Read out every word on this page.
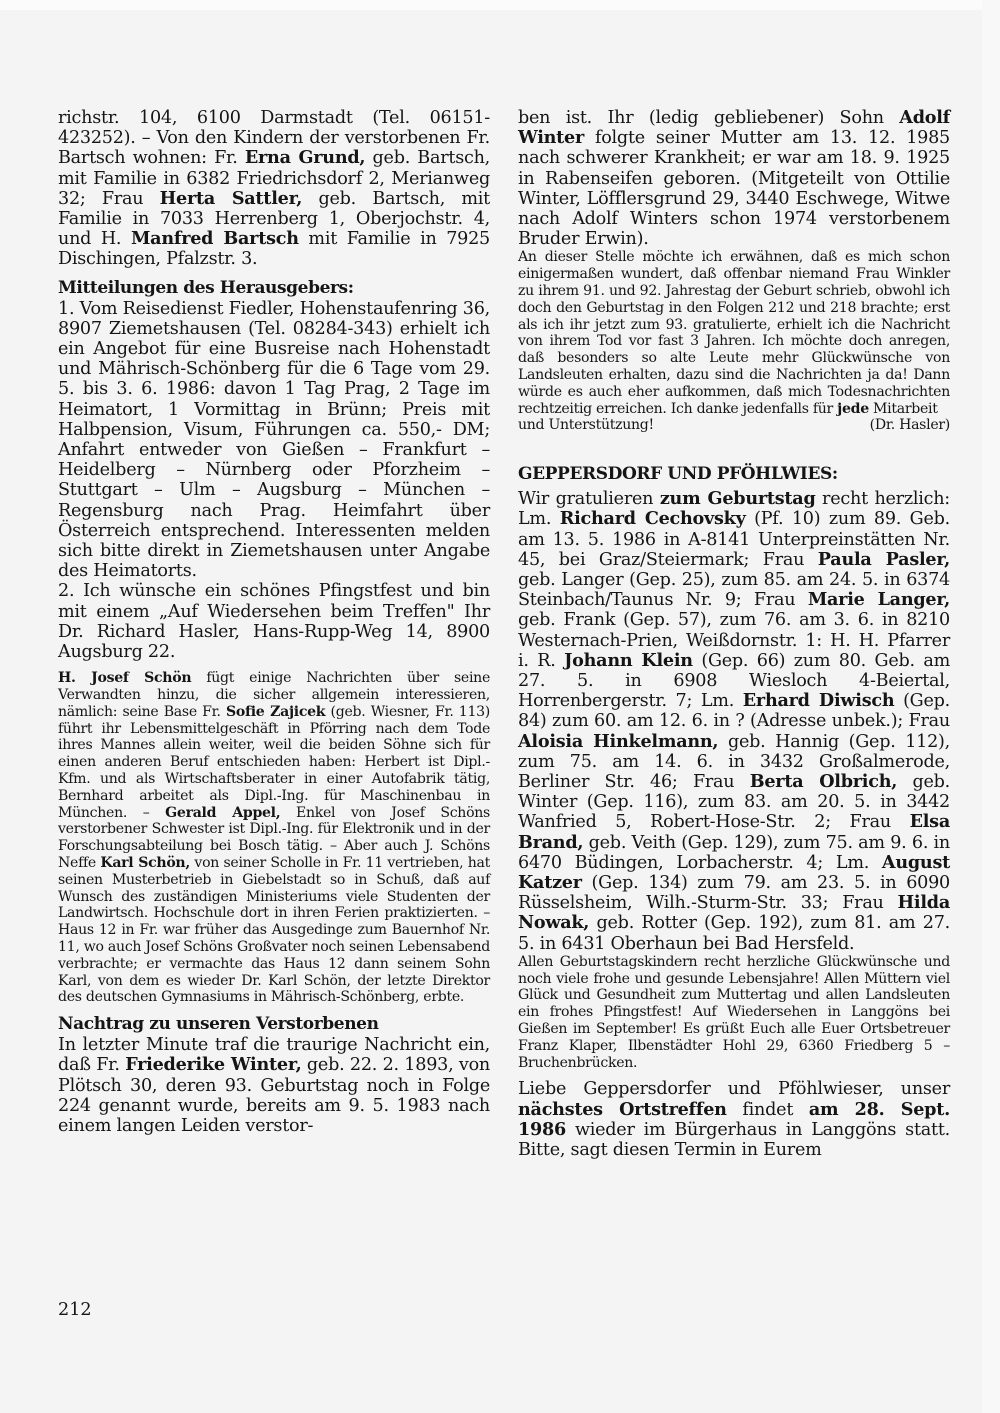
richstr. 104, 6100 Darmstadt (Tel. 06151-423252). – Von den Kindern der verstorbenen Fr. Bartsch wohnen: Fr. Erna Grund, geb. Bartsch, mit Familie in 6382 Friedrichsdorf 2, Merianweg 32; Frau Herta Sattler, geb. Bartsch, mit Familie in 7033 Herrenberg 1, Oberjochstr. 4, und H. Manfred Bartsch mit Familie in 7925 Dischingen, Pfalzstr. 3.

Mitteilungen des Herausgebers:

1. Vom Reisedienst Fiedler, Hohenstaufenring 36, 8907 Ziemetshausen (Tel. 08284-343) erhielt ich ein Angebot für eine Busreise nach Hohenstadt und Mährisch-Schönberg für die 6 Tage vom 29. 5. bis 3. 6. 1986: davon 1 Tag Prag, 2 Tage im Heimatort, 1 Vormittag in Brünn; Preis mit Halbpension, Visum, Führungen ca. 550,- DM; Anfahrt entweder von Gießen – Frankfurt – Heidelberg – Nürnberg oder Pforzheim – Stuttgart – Ulm – Augsburg – München – Regensburg nach Prag. Heimfahrt über Österreich entsprechend. Interessenten melden sich bitte direkt in Ziemetshausen unter Angabe des Heimatorts.

2. Ich wünsche ein schönes Pfingstfest und bin mit einem „Auf Wiedersehen beim Treffen" Ihr Dr. Richard Hasler, Hans-Rupp-Weg 14, 8900 Augsburg 22.

H. Josef Schön fügt einige Nachrichten über seine Verwandten hinzu, die sicher allgemein interessieren, nämlich: seine Base Fr. Sofie Zajicek (geb. Wiesner, Fr. 113) führt ihr Lebensmittelgeschäft in Pförring nach dem Tode ihres Mannes allein weiter, weil die beiden Söhne sich für einen anderen Beruf entschieden haben: Herbert ist Dipl.-Kfm. und als Wirtschaftsberater in einer Autofabrik tätig, Bernhard arbeitet als Dipl.-Ing. für Maschinenbau in München. – Gerald Appel, Enkel von Josef Schöns verstorbener Schwester ist Dipl.-Ing. für Elektronik und in der Forschungsabteilung bei Bosch tätig. – Aber auch J. Schöns Neffe Karl Schön, von seiner Scholle in Fr. 11 vertrieben, hat seinen Musterbetrieb in Giebelstadt so in Schuß, daß auf Wunsch des zuständigen Ministeriums viele Studenten der Landwirtsch. Hochschule dort in ihren Ferien praktizierten. – Haus 12 in Fr. war früher das Ausgedinge zum Bauernhof Nr. 11, wo auch Josef Schöns Großvater noch seinen Lebensabend verbrachte; er vermachte das Haus 12 dann seinem Sohn Karl, von dem es wieder Dr. Karl Schön, der letzte Direktor des deutschen Gymnasiums in Mährisch-Schönberg, erbte.

Nachtrag zu unseren Verstorbenen

In letzter Minute traf die traurige Nachricht ein, daß Fr. Friederike Winter, geb. 22. 2. 1893, von Plötsch 30, deren 93. Geburtstag noch in Folge 224 genannt wurde, bereits am 9. 5. 1983 nach einem langen Leiden verstor-

ben ist. Ihr (ledig gebliebener) Sohn Adolf Winter folgte seiner Mutter am 13. 12. 1985 nach schwerer Krankheit; er war am 18. 9. 1925 in Rabenseifen geboren. (Mitgeteilt von Ottilie Winter, Löfflersgrund 29, 3440 Eschwege, Witwe nach Adolf Winters schon 1974 verstorbenem Bruder Erwin).

An dieser Stelle möchte ich erwähnen, daß es mich schon einigermaßen wundert, daß offenbar niemand Frau Winkler zu ihrem 91. und 92. Jahrestag der Geburt schrieb, obwohl ich doch den Geburtstag in den Folgen 212 und 218 brachte; erst als ich ihr jetzt zum 93. gratulierte, erhielt ich die Nachricht von ihrem Tod vor fast 3 Jahren. Ich möchte doch anregen, daß besonders so alte Leute mehr Glückwünsche von Landsleuten erhalten, dazu sind die Nachrichten ja da! Dann würde es auch eher aufkommen, daß mich Todesnachrichten rechtzeitig erreichen. Ich danke jedenfalls für jede Mitarbeit

und Unterstützung!	(Dr. Hasler)
GEPPERSDORF UND PFÖHLWIES:

Wir gratulieren zum Geburtstag recht herzlich: Lm. Richard Cechovsky (Pf. 10) zum 89. Geb. am 13. 5. 1986 in A-8141 Unterpreinstätten Nr. 45, bei Graz/Steiermark; Frau Paula Pasler, geb. Langer (Gep. 25), zum 85. am 24. 5. in 6374 Steinbach/Taunus Nr. 9; Frau Marie Langer, geb. Frank (Gep. 57), zum 76. am 3. 6. in 8210 Westernach-Prien, Weißdornstr. 1: H. H. Pfarrer i. R. Johann Klein (Gep. 66) zum 80. Geb. am 27. 5. in 6908 Wiesloch 4-Beiertal, Horrenbergerstr. 7; Lm. Erhard Diwisch (Gep. 84) zum 60. am 12. 6. in ? (Adresse unbek.); Frau Aloisia Hinkelmann, geb. Hannig (Gep. 112), zum 75. am 14. 6. in 3432 Großalmerode, Berliner Str. 46; Frau Berta Olbrich, geb. Winter (Gep. 116), zum 83. am 20. 5. in 3442 Wanfried 5, Robert-Hose-Str. 2; Frau Elsa Brand, geb. Veith (Gep. 129), zum 75. am 9. 6. in 6470 Büdingen, Lorbacherstr. 4; Lm. August Katzer (Gep. 134) zum 79. am 23. 5. in 6090 Rüsselsheim, Wilh.-Sturm-Str. 33; Frau Hilda Nowak, geb. Rotter (Gep. 192), zum 81. am 27. 5. in 6431 Oberhaun bei Bad Hersfeld.

Allen Geburtstagskindern recht herzliche Glückwünsche und noch viele frohe und gesunde Lebensjahre! Allen Müttern viel Glück und Gesundheit zum Muttertag und allen Landsleuten ein frohes Pfingstfest! Auf Wiedersehen in Langgöns bei Gießen im September! Es grüßt Euch alle Euer Ortsbetreuer Franz Klaper, Ilbenstädter Hohl 29, 6360 Friedberg 5 – Bruchenbrücken.

Liebe Geppersdorfer und Pföhlwieser, unser nächstes Ortstreffen findet am 28. Sept. 1986 wieder im Bürgerhaus in Langgöns statt. Bitte, sagt diesen Termin in Eurem

212
